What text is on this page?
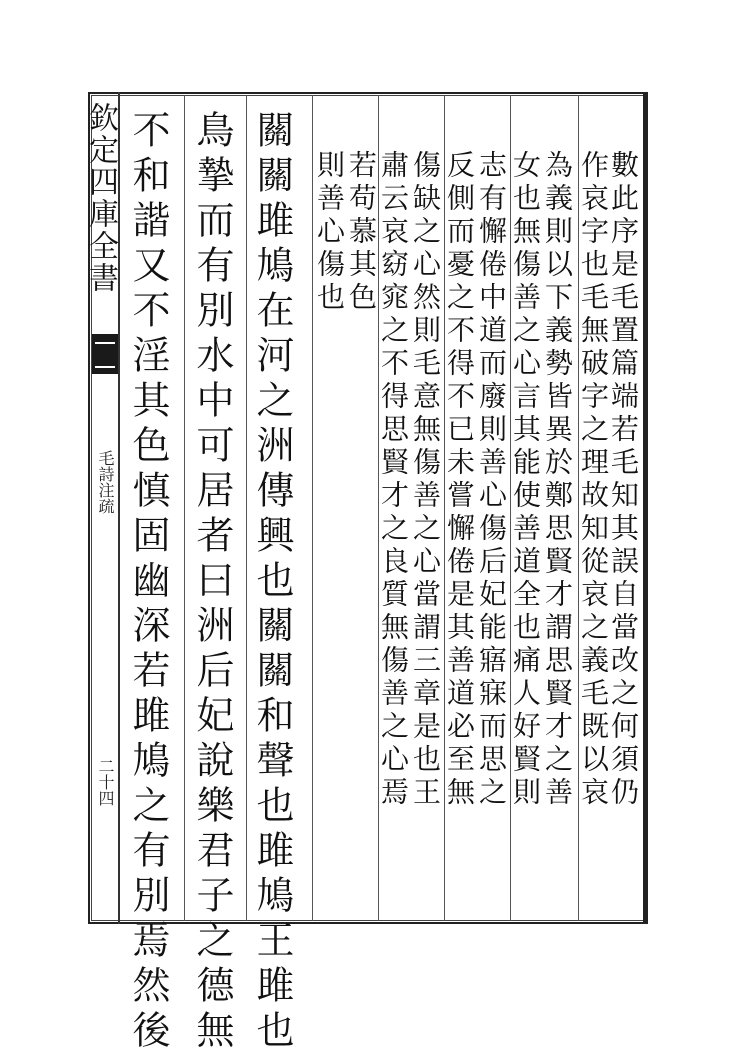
欽定四庫全書
毛詩注疏
二十四	數此序是毛置篇端若毛知其誤自當改之何須仍
作哀字也毛無破字之理故知從哀之義毛既以哀
為義則以下義勢皆異於鄭思賢才謂思賢才之善
女也無傷善之心言其能使善道全也痛人好賢則
志有懈倦中道而廢則善心傷后妃能寤寐而思之
反側而憂之不得不已未嘗懈倦是其善道必至無
傷缺之心然則毛意無傷善之心當謂三章是也王
肅云哀窈窕之不得思賢才之良質無傷善之心焉
若苟慕其色
則善心傷也
關關雎鳩在河之洲傳興也關關和聲也雎鳩王雎也
鳥摯而有別水中可居者曰洲后妃說樂君子之德無
不和諧又不淫其色慎固幽深若雎鳩之有別焉然後
